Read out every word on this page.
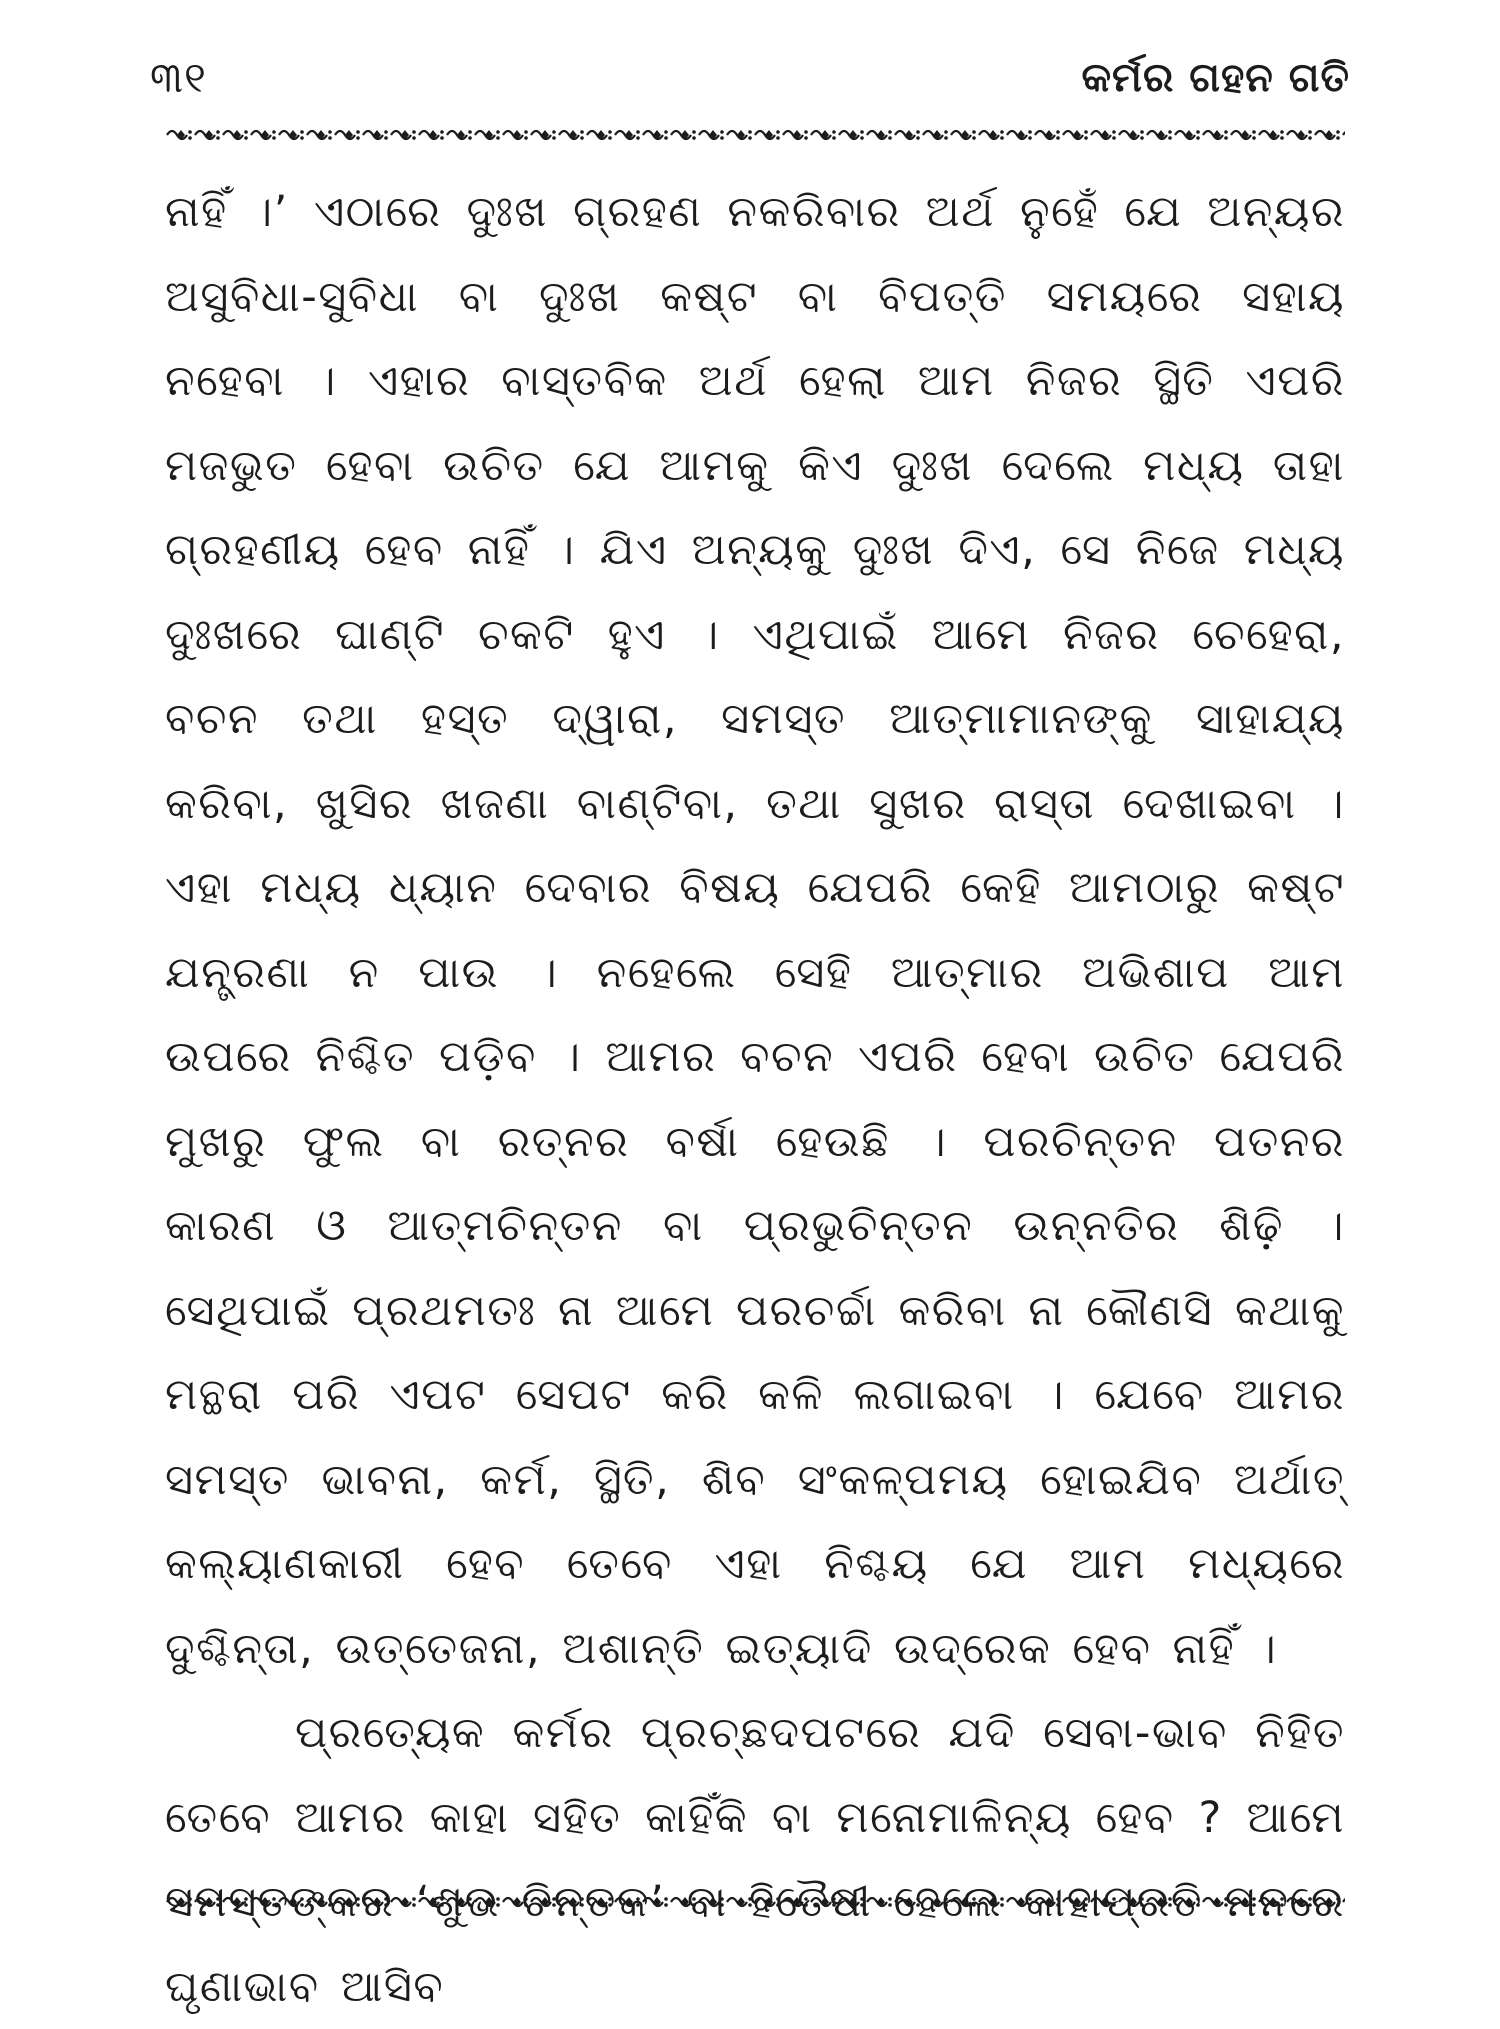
୩୧	କର୍ମର ଗହନ ଗତି

ନାହିଁ ।’ ଏଠାରେ ଦୁଃଖ ଗ୍ରହଣ ନକରିବାର ଅର୍ଥ ନୁହେଁ ଯେ ଅନ୍ୟର ଅସୁବିଧା-ସୁବିଧା ବା ଦୁଃଖ କଷ୍ଟ ବା ବିପତ୍ତି ସମୟରେ ସହାୟ ନହେବା । ଏହାର ବାସ୍ତବିକ ଅର୍ଥ ହେଲା ଆମ ନିଜର ସ୍ଥିତି ଏପରି ମଜଭୁତ ହେବା ଉଚିତ ଯେ ଆମକୁ କିଏ ଦୁଃଖ ଦେଲେ ମଧ୍ୟ ତାହା ଗ୍ରହଣୀୟ ହେବ ନାହିଁ । ଯିଏ ଅନ୍ୟକୁ ଦୁଃଖ ଦିଏ, ସେ ନିଜେ ମଧ୍ୟ ଦୁଃଖରେ ଘାଣ୍ଟି ଚକଟି ହୁଏ । ଏଥିପାଇଁ ଆମେ ନିଜର ଚେହେରା, ବଚନ ତଥା ହସ୍ତ ଦ୍ୱାରା, ସମସ୍ତ ଆତ୍ମାମାନଙ୍କୁ ସାହାଯ୍ୟ କରିବା, ଖୁସିର ଖଜଣା ବାଣ୍ଟିବା, ତଥା ସୁଖର ରାସ୍ତା ଦେଖାଇବା । ଏହା ମଧ୍ୟ ଧ୍ୟାନ ଦେବାର ବିଷୟ ଯେପରି କେହି ଆମଠାରୁ କଷ୍ଟ ଯନ୍ତ୍ରଣା ନ ପାଉ । ନହେଲେ ସେହି ଆତ୍ମାର ଅଭିଶାପ ଆମ ଉପରେ ନିଶ୍ଚିତ ପଡ଼ିବ । ଆମର ବଚନ ଏପରି ହେବା ଉଚିତ ଯେପରି ମୁଖରୁ ଫୁଲ ବା ରତ୍ନର ବର୍ଷା ହେଉଛି । ପରଚିନ୍ତନ ପତନର କାରଣ ଓ ଆତ୍ମଚିନ୍ତନ ବା ପ୍ରଭୁଚିନ୍ତନ ଉନ୍ନତିର ଶିଢ଼ି । ସେଥିପାଇଁ ପ୍ରଥମତଃ ନା ଆମେ ପରଚର୍ଚ୍ଚା କରିବା ନା କୌଣସି କଥାକୁ ମନ୍ଥରା ପରି ଏପଟ ସେପଟ କରି କଳି ଲଗାଇବା । ଯେବେ ଆମର ସମସ୍ତ ଭାବନା, କର୍ମ, ସ୍ଥିତି, ଶିବ ସଂକଳ୍ପମୟ ହୋଇଯିବ ଅର୍ଥାତ୍ କଲ୍ୟାଣକାରୀ ହେବ ତେବେ ଏହା ନିଶ୍ଚୟ ଯେ ଆମ ମଧ୍ୟରେ ଦୁଶ୍ଚିନ୍ତା, ଉତ୍ତେଜନା, ଅଶାନ୍ତି ଇତ୍ୟାଦି ଉଦ୍ରେକ ହେବ ନାହିଁ ।

ପ୍ରତ୍ୟେକ କର୍ମର ପ୍ରଚ୍ଛଦପଟରେ ଯଦି ସେବା-ଭାବ ନିହିତ ତେବେ ଆମର କାହା ସହିତ କାହିଁକି ବା ମନୋମାଳିନ୍ୟ ହେବ ? ଆମେ ଘୃଣାଭାବ ଆସିବ
